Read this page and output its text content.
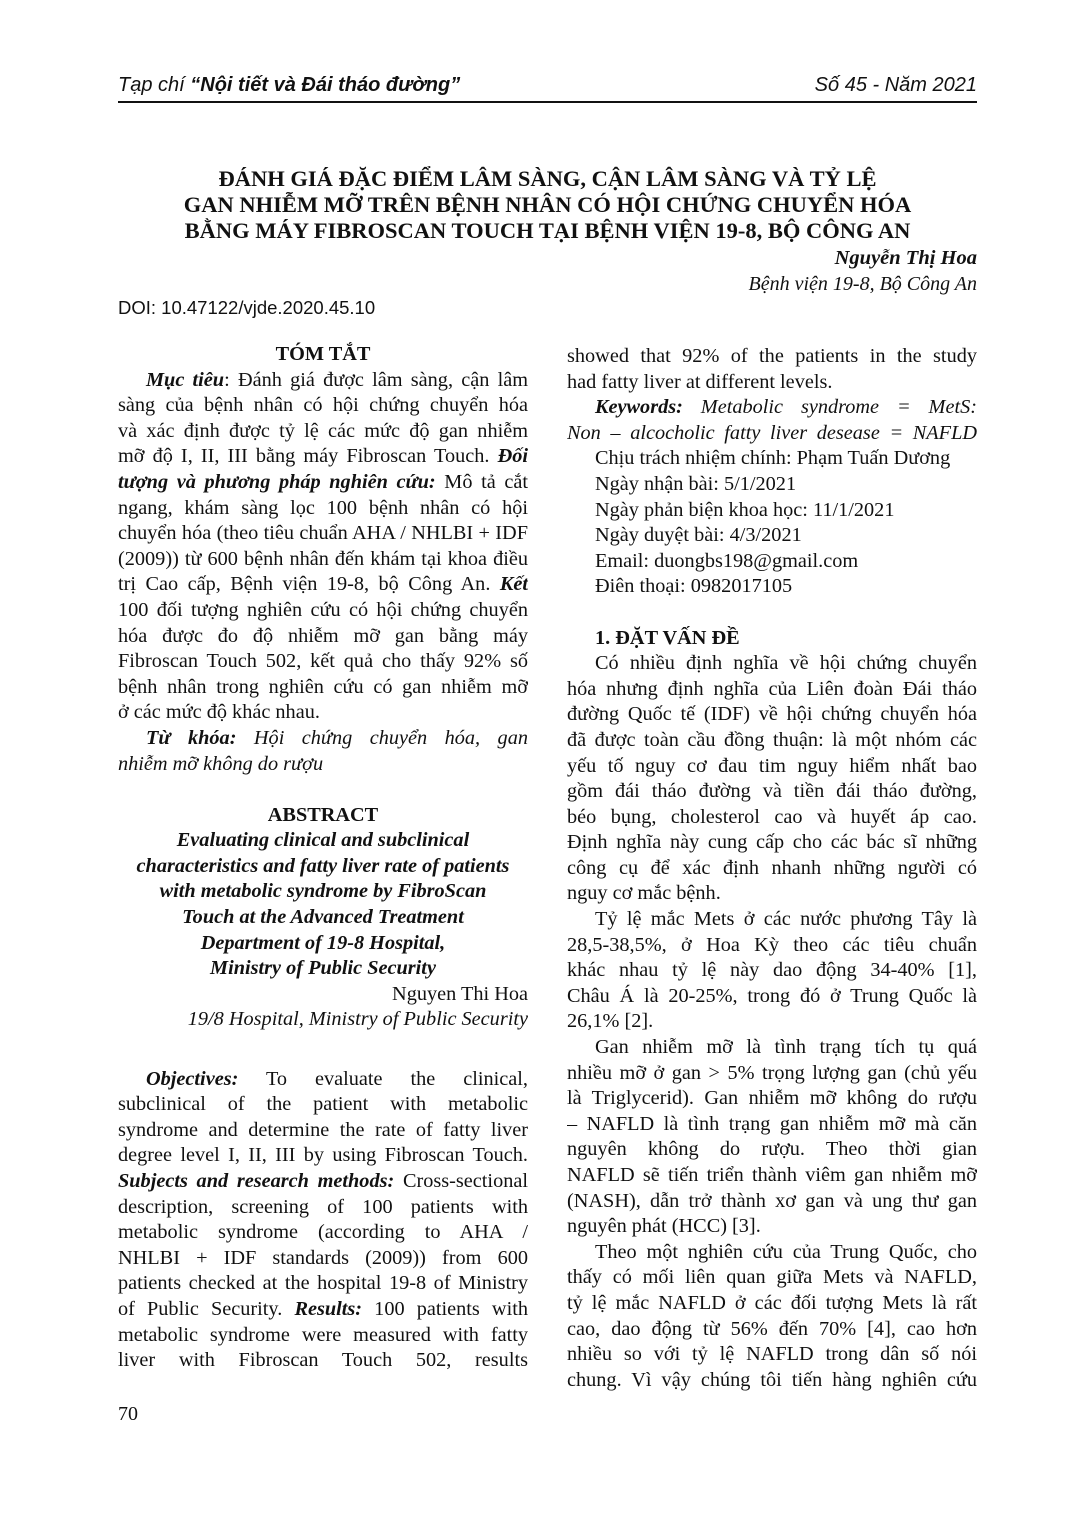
Tạp chí “Nội tiết và Đái tháo đường”	Số 45 - Năm 2021
ĐÁNH GIÁ ĐẶC ĐIỂM LÂM SÀNG, CẬN LÂM SÀNG VÀ TỶ LỆ
GAN NHIỄM MỠ TRÊN BỆNH NHÂN CÓ HỘI CHỨNG CHUYỂN HÓA
BẰNG MÁY FIBROSCAN TOUCH TẠI BỆNH VIỆN 19-8, BỘ CÔNG AN
Nguyễn Thị Hoa
Bệnh viện 19-8, Bộ Công An
DOI: 10.47122/vjde.2020.45.10
TÓM TẮT
Mục tiêu: Đánh giá được lâm sàng, cận lâm
sàng của bệnh nhân có hội chứng chuyển hóa
và xác định được tỷ lệ các mức độ gan nhiễm
mỡ độ I, II, III bằng máy Fibroscan Touch. Đối
tượng và phương pháp nghiên cứu: Mô tả cắt
ngang, khám sàng lọc 100 bệnh nhân có hội
chuyển hóa (theo tiêu chuẩn AHA / NHLBI + IDF
(2009)) từ 600 bệnh nhân đến khám tại khoa điều
trị Cao cấp, Bệnh viện 19-8, bộ Công An. Kết
100 đối tượng nghiên cứu có hội chứng chuyển
hóa được đo độ nhiễm mỡ gan bằng máy
Fibroscan Touch 502, kết quả cho thấy 92% số
bệnh nhân trong nghiên cứu có gan nhiễm mỡ
ở các mức độ khác nhau.
Từ khóa: Hội chứng chuyển hóa, gan
nhiễm mỡ không do rượu
ABSTRACT
Evaluating clinical and subclinical
characteristics and fatty liver rate of patients
with metabolic syndrome by FibroScan
Touch at the Advanced Treatment
Department of 19-8 Hospital,
Ministry of Public Security
Nguyen Thi Hoa
19/8 Hospital, Ministry of Public Security
Objectives: To evaluate the clinical,
subclinical of the patient with metabolic
syndrome and determine the rate of fatty liver
degree level I, II, III by using Fibroscan Touch.
Subjects and research methods: Cross-sectional
description, screening of 100 patients with
metabolic syndrome (according to AHA /
NHLBI + IDF standards (2009)) from 600
patients checked at the hospital 19-8 of Ministry
of Public Security. Results: 100 patients with
metabolic syndrome were measured with fatty
liver with Fibroscan Touch 502, results
showed that 92% of the patients in the study
had fatty liver at different levels.
Keywords: Metabolic syndrome = MetS:
Non – alcocholic fatty liver desease = NAFLD
Chịu trách nhiệm chính: Phạm Tuấn Dương
Ngày nhận bài: 5/1/2021
Ngày phản biện khoa học: 11/1/2021
Ngày duyệt bài: 4/3/2021
Email: duongbs198@gmail.com
Điên thoại: 0982017105
1. ĐẶT VẤN ĐỀ
Có nhiều định nghĩa về hội chứng chuyển
hóa nhưng định nghĩa của Liên đoàn Đái tháo
đường Quốc tế (IDF) về hội chứng chuyển hóa
đã được toàn cầu đồng thuận: là một nhóm các
yếu tố nguy cơ đau tim nguy hiểm nhất bao
gồm đái tháo đường và tiền đái tháo đường,
béo bụng, cholesterol cao và huyết áp cao.
Định nghĩa này cung cấp cho các bác sĩ những
công cụ để xác định nhanh những người có
nguy cơ mắc bệnh.
Tỷ lệ mắc Mets ở các nước phương Tây là
28,5-38,5%, ở Hoa Kỳ theo các tiêu chuẩn
khác nhau tỷ lệ này dao động 34-40% [1],
Châu Á là 20-25%, trong đó ở Trung Quốc là
26,1% [2].
Gan nhiễm mỡ là tình trạng tích tụ quá
nhiều mỡ ở gan > 5% trọng lượng gan (chủ yếu
là Triglycerid). Gan nhiễm mỡ không do rượu
– NAFLD là tình trạng gan nhiễm mỡ mà căn
nguyên không do rượu. Theo thời gian
NAFLD sẽ tiến triển thành viêm gan nhiễm mỡ
(NASH), dẫn trở thành xơ gan và ung thư gan
nguyên phát (HCC) [3].
Theo một nghiên cứu của Trung Quốc, cho
thấy có mối liên quan giữa Mets và NAFLD,
tỷ lệ mắc NAFLD ở các đối tượng Mets là rất
cao, dao động từ 56% đến 70% [4], cao hơn
nhiều so với tỷ lệ NAFLD trong dân số nói
chung. Vì vậy chúng tôi tiến hàng nghiên cứu
70
